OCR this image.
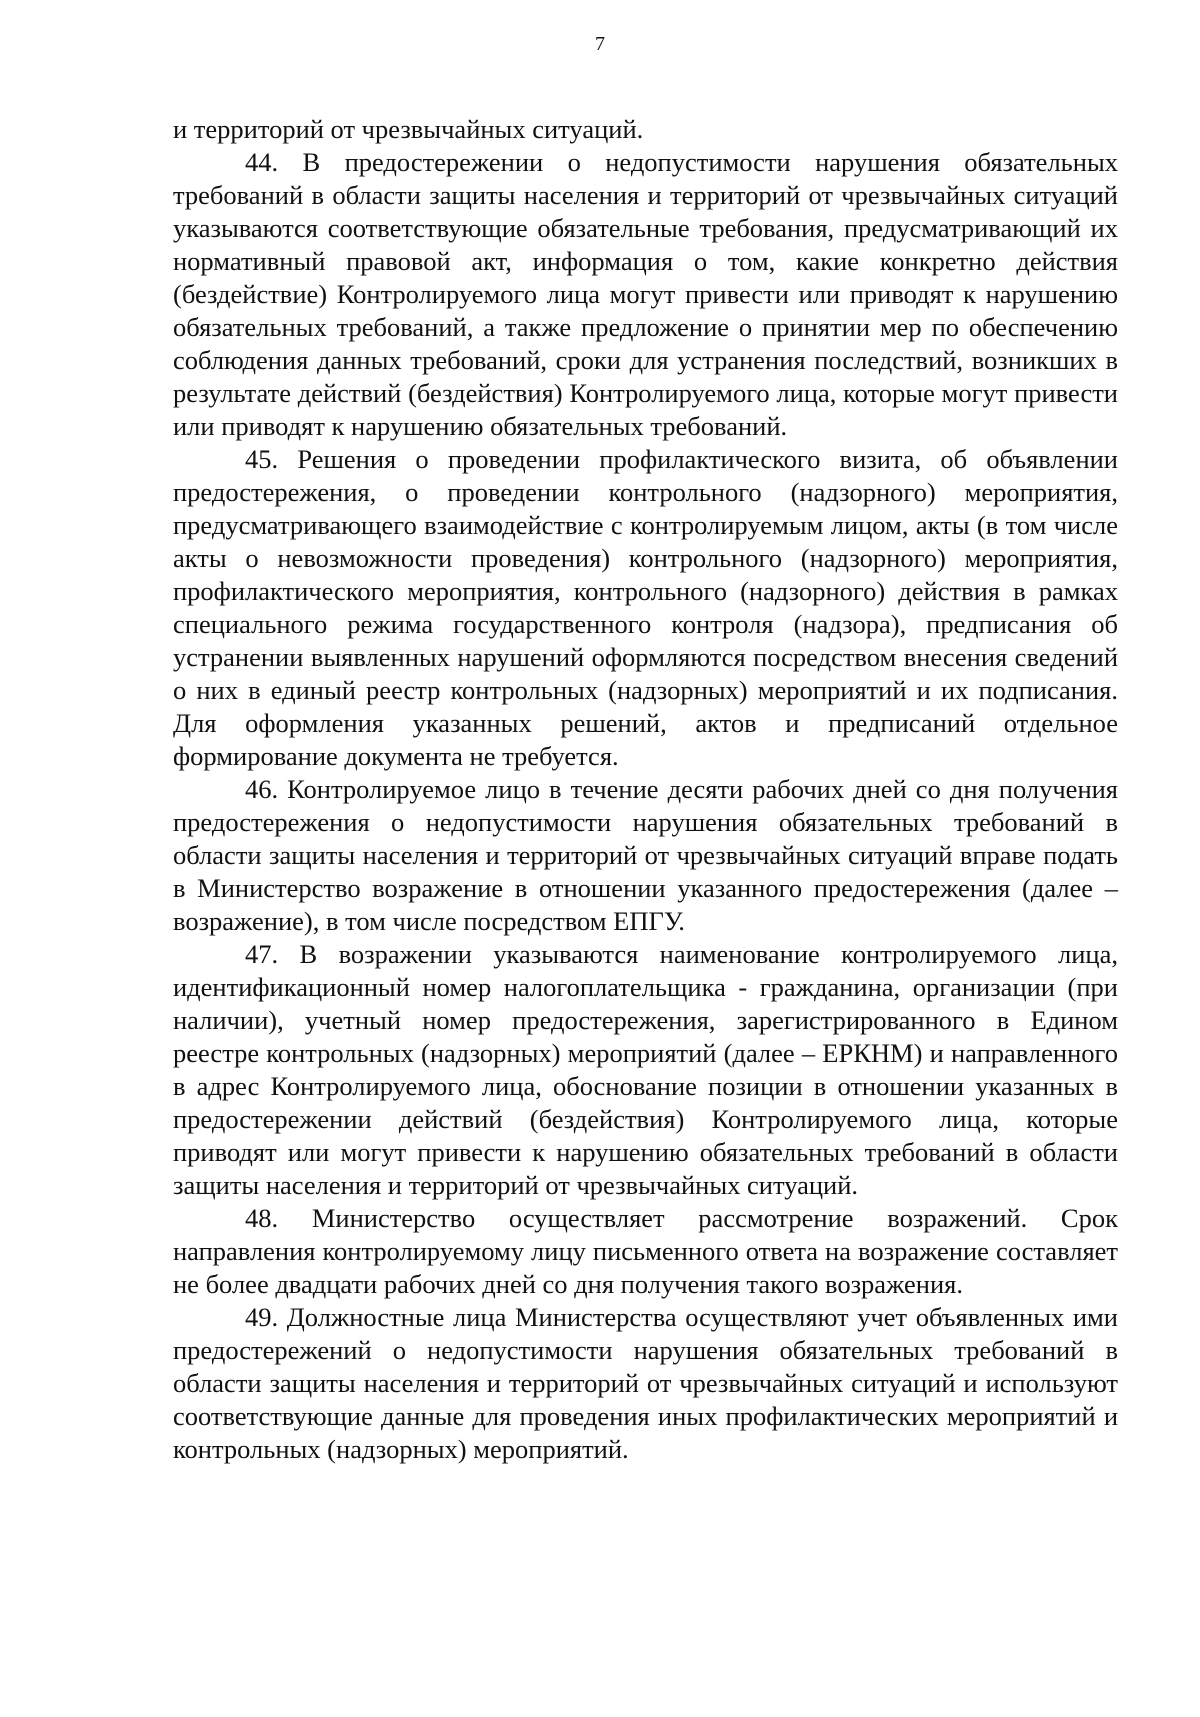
7

и территорий от чрезвычайных ситуаций.

44. В предостережении о недопустимости нарушения обязательных требований в области защиты населения и территорий от чрезвычайных ситуаций указываются соответствующие обязательные требования, предусматривающий их нормативный правовой акт, информация о том, какие конкретно действия (бездействие) Контролируемого лица могут привести или приводят к нарушению обязательных требований, а также предложение о принятии мер по обеспечению соблюдения данных требований, сроки для устранения последствий, возникших в результате действий (бездействия) Контролируемого лица, которые могут привести или приводят к нарушению обязательных требований.

45. Решения о проведении профилактического визита, об объявлении предостережения, о проведении контрольного (надзорного) мероприятия, предусматривающего взаимодействие с контролируемым лицом, акты (в том числе акты о невозможности проведения) контрольного (надзорного) мероприятия, профилактического мероприятия, контрольного (надзорного) действия в рамках специального режима государственного контроля (надзора), предписания об устранении выявленных нарушений оформляются посредством внесения сведений о них в единый реестр контрольных (надзорных) мероприятий и их подписания. Для оформления указанных решений, актов и предписаний отдельное формирование документа не требуется.

46. Контролируемое лицо в течение десяти рабочих дней со дня получения предостережения о недопустимости нарушения обязательных требований в области защиты населения и территорий от чрезвычайных ситуаций вправе подать в Министерство возражение в отношении указанного предостережения (далее – возражение), в том числе посредством ЕПГУ.

47. В возражении указываются наименование контролируемого лица, идентификационный номер налогоплательщика - гражданина, организации (при наличии), учетный номер предостережения, зарегистрированного в Едином реестре контрольных (надзорных) мероприятий (далее – ЕРКНМ) и направленного в адрес Контролируемого лица, обоснование позиции в отношении указанных в предостережении действий (бездействия) Контролируемого лица, которые приводят или могут привести к нарушению обязательных требований в области защиты населения и территорий от чрезвычайных ситуаций.

48. Министерство осуществляет рассмотрение возражений. Срок направления контролируемому лицу письменного ответа на возражение составляет не более двадцати рабочих дней со дня получения такого возражения.

49. Должностные лица Министерства осуществляют учет объявленных ими предостережений о недопустимости нарушения обязательных требований в области защиты населения и территорий от чрезвычайных ситуаций и используют соответствующие данные для проведения иных профилактических мероприятий и контрольных (надзорных) мероприятий.
